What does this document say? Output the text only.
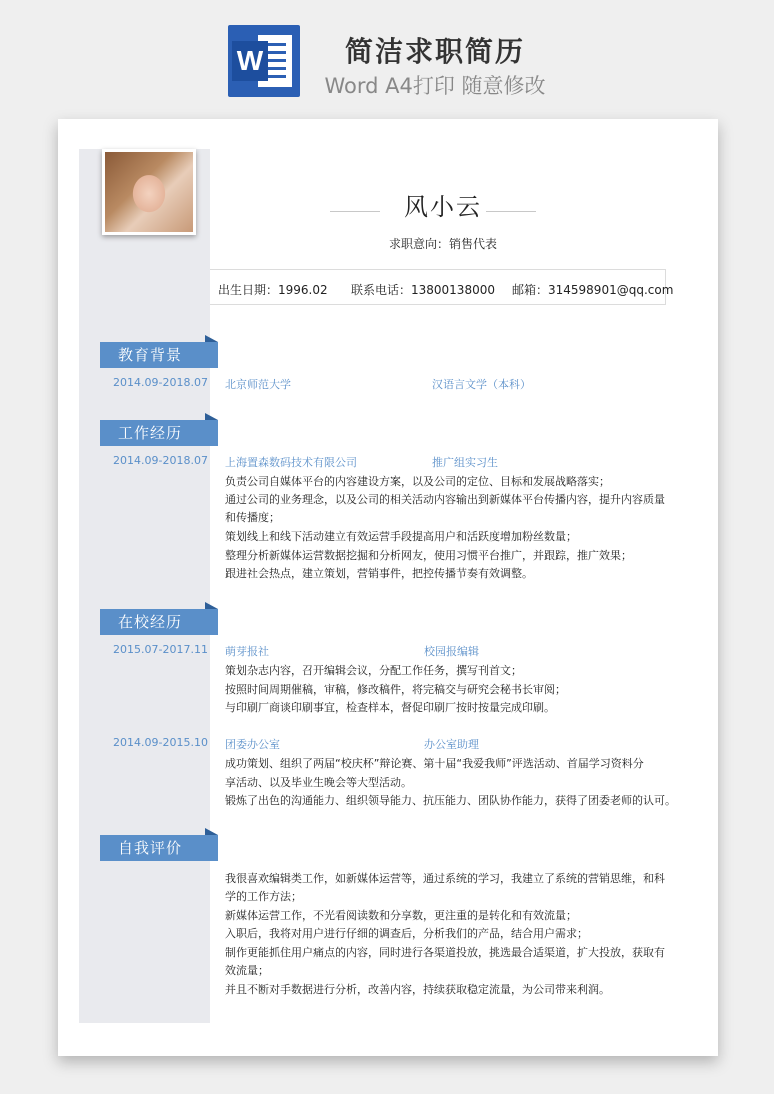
W	简洁求职简历
Word A4打印 随意修改
风小云
求职意向：销售代表
出生日期：1996.02 联系电话：13800138000 邮箱：314598901@qq.com
教育背景
2014.09-2018.07 北京师范大学	汉语言文学（本科）
工作经历
2014.09-2018.07 上海置森数码技术有限公司	推广组实习生
负责公司自媒体平台的内容建设方案，以及公司的定位、目标和发展战略落实；
通过公司的业务理念，以及公司的相关活动内容输出到新媒体平台传播内容，提升内容质量
和传播度；
策划线上和线下活动建立有效运营手段提高用户和活跃度增加粉丝数量；
整理分析新媒体运营数据挖掘和分析网友，使用习惯平台推广，并跟踪，推广效果；
跟进社会热点，建立策划，营销事件，把控传播节奏有效调整。
在校经历
2015.07-2017.11 萌芽报社	校园报编辑
策划杂志内容，召开编辑会议，分配工作任务，撰写刊首文；
按照时间周期催稿，审稿，修改稿件，将完稿交与研究会秘书长审阅；
与印刷厂商谈印刷事宜，检查样本，督促印刷厂按时按量完成印刷。
2014.09-2015.10 团委办公室	办公室助理
成功策划、组织了两届“校庆杯”辩论赛、第十届“我爱我师”评选活动、首届学习资料分
享活动、以及毕业生晚会等大型活动。
锻炼了出色的沟通能力、组织领导能力、抗压能力、团队协作能力，获得了团委老师的认可。
自我评价
我很喜欢编辑类工作，如新媒体运营等，通过系统的学习，我建立了系统的营销思维，和科
学的工作方法；
新媒体运营工作，不光看阅读数和分享数，更注重的是转化和有效流量；
入职后，我将对用户进行仔细的调查后，分析我们的产品，结合用户需求；
制作更能抓住用户痛点的内容，同时进行各渠道投放，挑选最合适渠道，扩大投放，获取有
效流量；
并且不断对手数据进行分析，改善内容，持续获取稳定流量，为公司带来利润。
